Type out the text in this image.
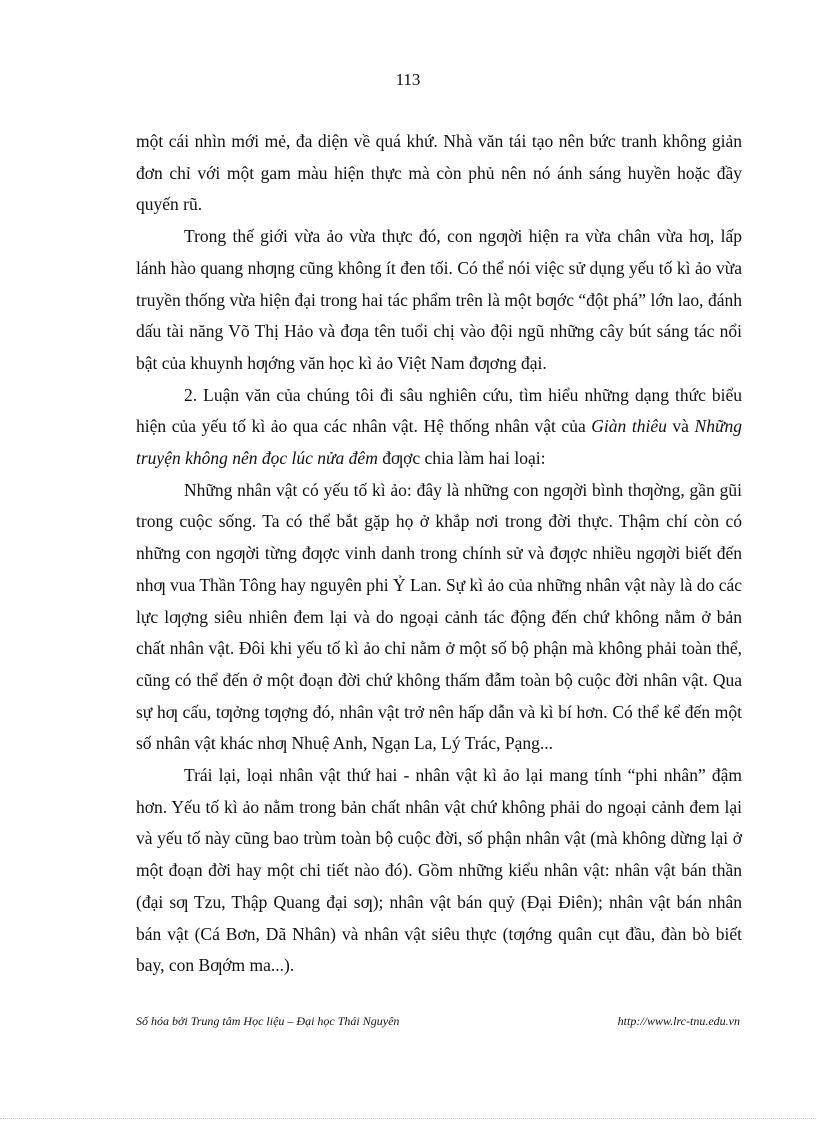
113

một cái nhìn mới mẻ, đa diện về quá khứ. Nhà văn tái tạo nên bức tranh không giản đơn chỉ với một gam màu hiện thực mà còn phủ nên nó ánh sáng huyền hoặc đầy quyến rũ.

Trong thế giới vừa ảo vừa thực đó, con ngƣời hiện ra vừa chân vừa hƣ, lấp lánh hào quang nhƣng cũng không ít đen tối. Có thể nói việc sử dụng yếu tố kì ảo vừa truyền thống vừa hiện đại trong hai tác phẩm trên là một bƣớc “đột phá” lớn lao, đánh dấu tài năng Võ Thị Hảo và đƣa tên tuổi chị vào đội ngũ những cây bút sáng tác nổi bật của khuynh hƣớng văn học kì ảo Việt Nam đƣơng đại.

2. Luận văn của chúng tôi đi sâu nghiên cứu, tìm hiểu những dạng thức biểu hiện của yếu tố kì ảo qua các nhân vật. Hệ thống nhân vật của Giàn thiêu và Những truyện không nên đọc lúc nửa đêm đƣợc chia làm hai loại:

Những nhân vật có yếu tố kì ảo: đây là những con ngƣời bình thƣờng, gần gũi trong cuộc sống. Ta có thể bắt gặp họ ở khắp nơi trong đời thực. Thậm chí còn có những con ngƣời từng đƣợc vinh danh trong chính sử và đƣợc nhiều ngƣời biết đến nhƣ vua Thần Tông hay nguyên phi Ỷ Lan. Sự kì ảo của những nhân vật này là do các lực lƣợng siêu nhiên đem lại và do ngoại cảnh tác động đến chứ không nằm ở bản chất nhân vật. Đôi khi yếu tố kì ảo chỉ nằm ở một số bộ phận mà không phải toàn thể, cũng có thể đến ở một đoạn đời chứ không thấm đẫm toàn bộ cuộc đời nhân vật. Qua sự hƣ cấu, tƣởng tƣợng đó, nhân vật trở nên hấp dẫn và kì bí hơn. Có thể kể đến một số nhân vật khác nhƣ Nhuệ Anh, Ngạn La, Lý Trác, Pạng...

Trái lại, loại nhân vật thứ hai - nhân vật kì ảo lại mang tính “phi nhân” đậm hơn. Yếu tố kì ảo nằm trong bản chất nhân vật chứ không phải do ngoại cảnh đem lại và yếu tố này cũng bao trùm toàn bộ cuộc đời, số phận nhân vật (mà không dừng lại ở một đoạn đời hay một chi tiết nào đó). Gồm những kiểu nhân vật: nhân vật bán thần (đại sƣ Tzu, Thập Quang đại sƣ); nhân vật bán quỷ (Đại Điên); nhân vật bán nhân bán vật (Cá Bơn, Dã Nhân) và nhân vật siêu thực (tƣớng quân cụt đầu, đàn bò biết bay, con Bƣớm ma...).

Số hóa bởi Trung tâm Học liệu – Đại học Thái Nguyên	http://www.lrc-tnu.edu.vn
